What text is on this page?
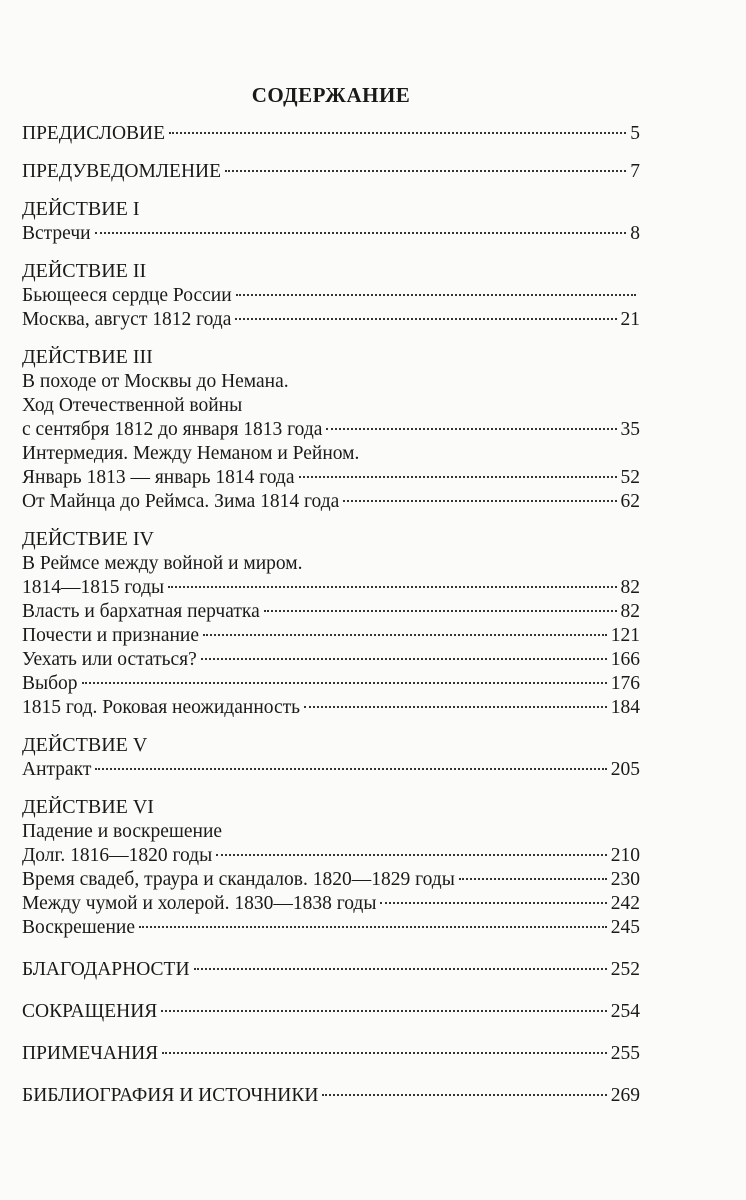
СОДЕРЖАНИЕ
ПРЕДИСЛОВИЕ	5
ПРЕДУВЕДОМЛЕНИЕ	7
ДЕЙСТВИЕ I
Встречи	8
ДЕЙСТВИЕ II
Бьющееся сердце России
Москва, август 1812 года	21
ДЕЙСТВИЕ III
В походе от Москвы до Немана.
Ход Отечественной войны
с сентября 1812 до января 1813 года	35
Интермедия. Между Неманом и Рейном.
Январь 1813 — январь 1814 года	52
От Майнца до Реймса. Зима 1814 года	62
ДЕЙСТВИЕ IV
В Реймсе между войной и миром.
1814—1815 годы	82
Власть и бархатная перчатка	82
Почести и признание	121
Уехать или остаться?	166
Выбор	176
1815 год. Роковая неожиданность	184
ДЕЙСТВИЕ V
Антракт	205
ДЕЙСТВИЕ VI
Падение и воскрешение
Долг. 1816—1820 годы	210
Время свадеб, траура и скандалов. 1820—1829 годы	230
Между чумой и холерой. 1830—1838 годы	242
Воскрешение	245
БЛАГОДАРНОСТИ	252
СОКРАЩЕНИЯ	254
ПРИМЕЧАНИЯ	255
БИБЛИОГРАФИЯ И ИСТОЧНИКИ	269
